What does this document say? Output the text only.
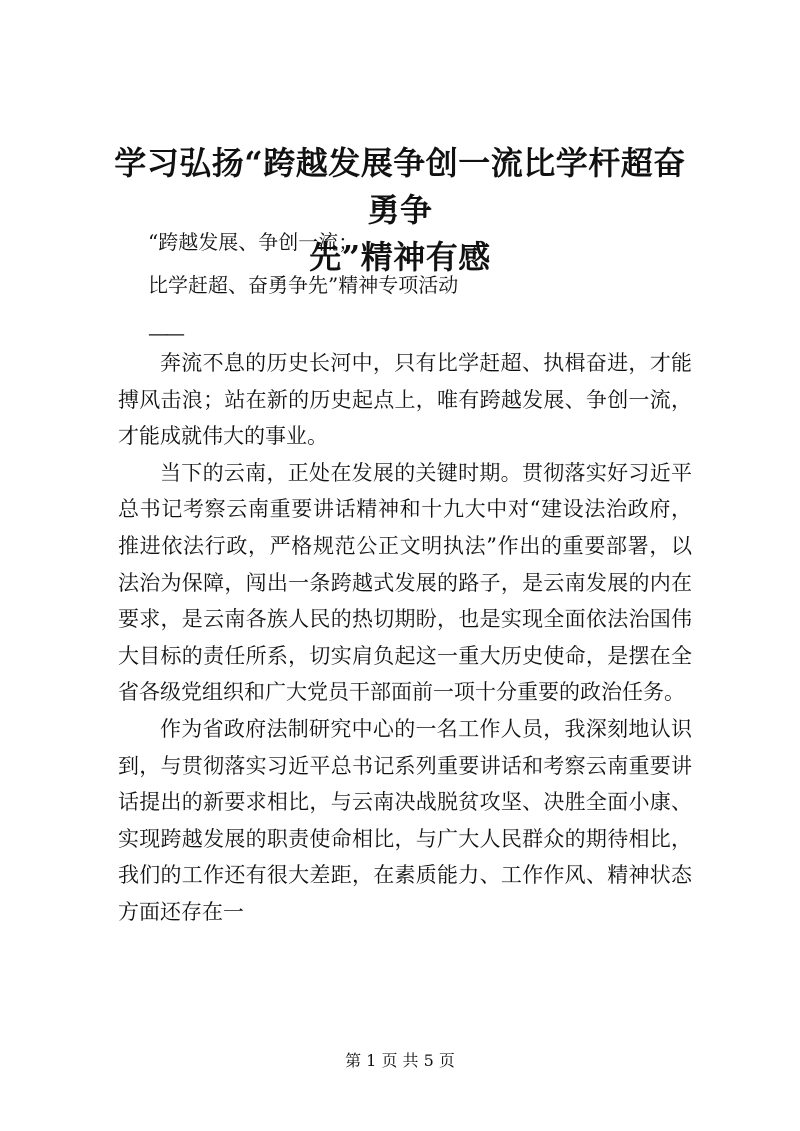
学习弘扬“跨越发展争创一流比学杆超奋勇争
先”精神有感
“跨越发展、争创一流；
比学赶超、奋勇争先”精神专项活动
——

奔流不息的历史长河中，只有比学赶超、执楫奋进，才能搏风击浪；站在新的历史起点上，唯有跨越发展、争创一流，才能成就伟大的事业。

当下的云南，正处在发展的关键时期。贯彻落实好习近平总书记考察云南重要讲话精神和十九大中对“建设法治政府，推进依法行政，严格规范公正文明执法”作出的重要部署，以法治为保障，闯出一条跨越式发展的路子，是云南发展的内在要求，是云南各族人民的热切期盼，也是实现全面依法治国伟大目标的责任所系，切实肩负起这一重大历史使命，是摆在全省各级党组织和广大党员干部面前一项十分重要的政治任务。

作为省政府法制研究中心的一名工作人员，我深刻地认识到，与贯彻落实习近平总书记系列重要讲话和考察云南重要讲话提出的新要求相比，与云南决战脱贫攻坚、决胜全面小康、实现跨越发展的职责使命相比，与广大人民群众的期待相比，我们的工作还有很大差距，在素质能力、工作作风、精神状态方面还存在一

第 1 页 共 5 页
